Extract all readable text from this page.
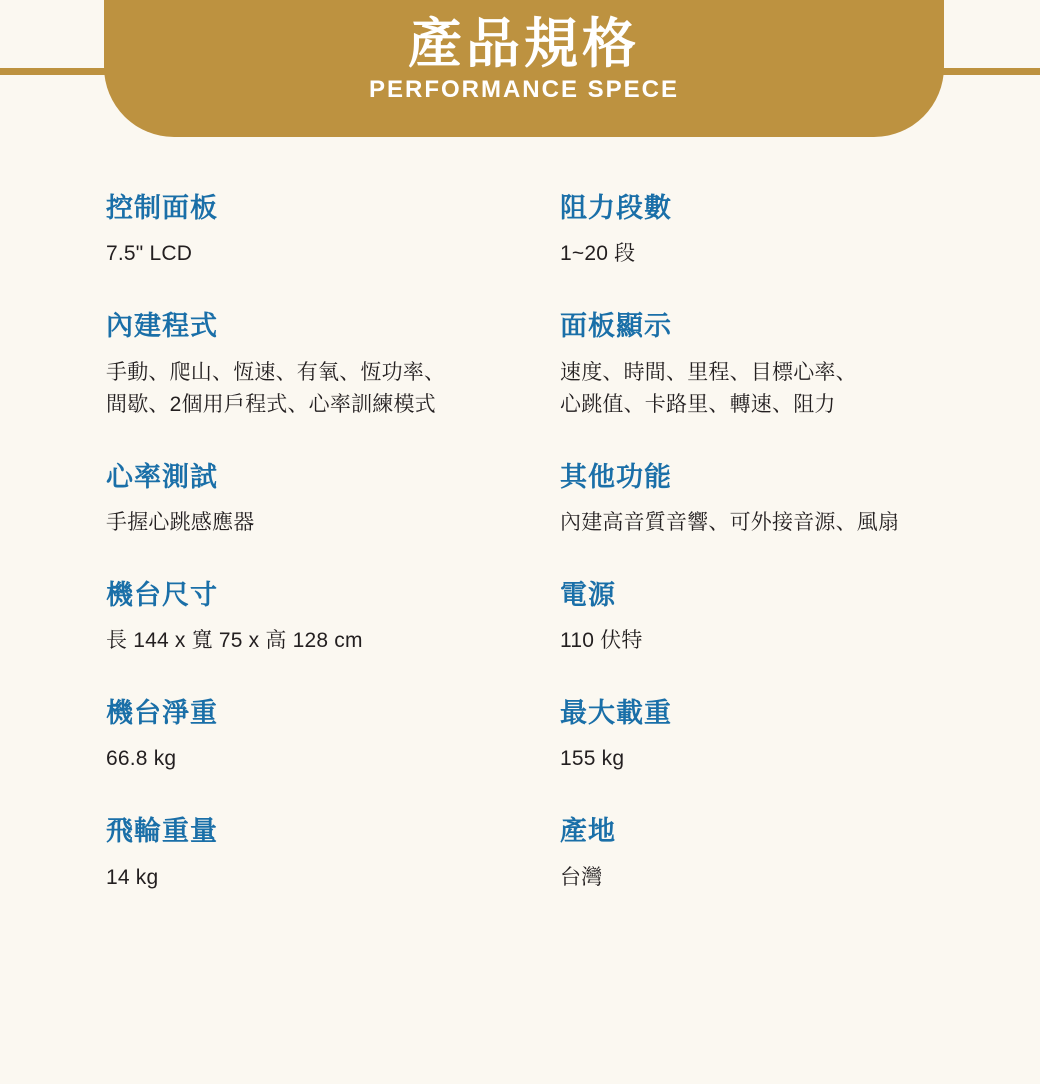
產品規格
PERFORMANCE SPECE
控制面板
7.5" LCD
阻力段數
1~20 段
內建程式
手動、爬山、恆速、有氧、恆功率、
間歇、2個用戶程式、心率訓練模式
面板顯示
速度、時間、里程、目標心率、
心跳值、卡路里、轉速、阻力
心率測試
手握心跳感應器
其他功能
內建高音質音響、可外接音源、風扇
機台尺寸
長 144 x 寬 75 x 高 128 cm
電源
110 伏特
機台淨重
66.8 kg
最大載重
155 kg
飛輪重量
14 kg
產地
台灣
